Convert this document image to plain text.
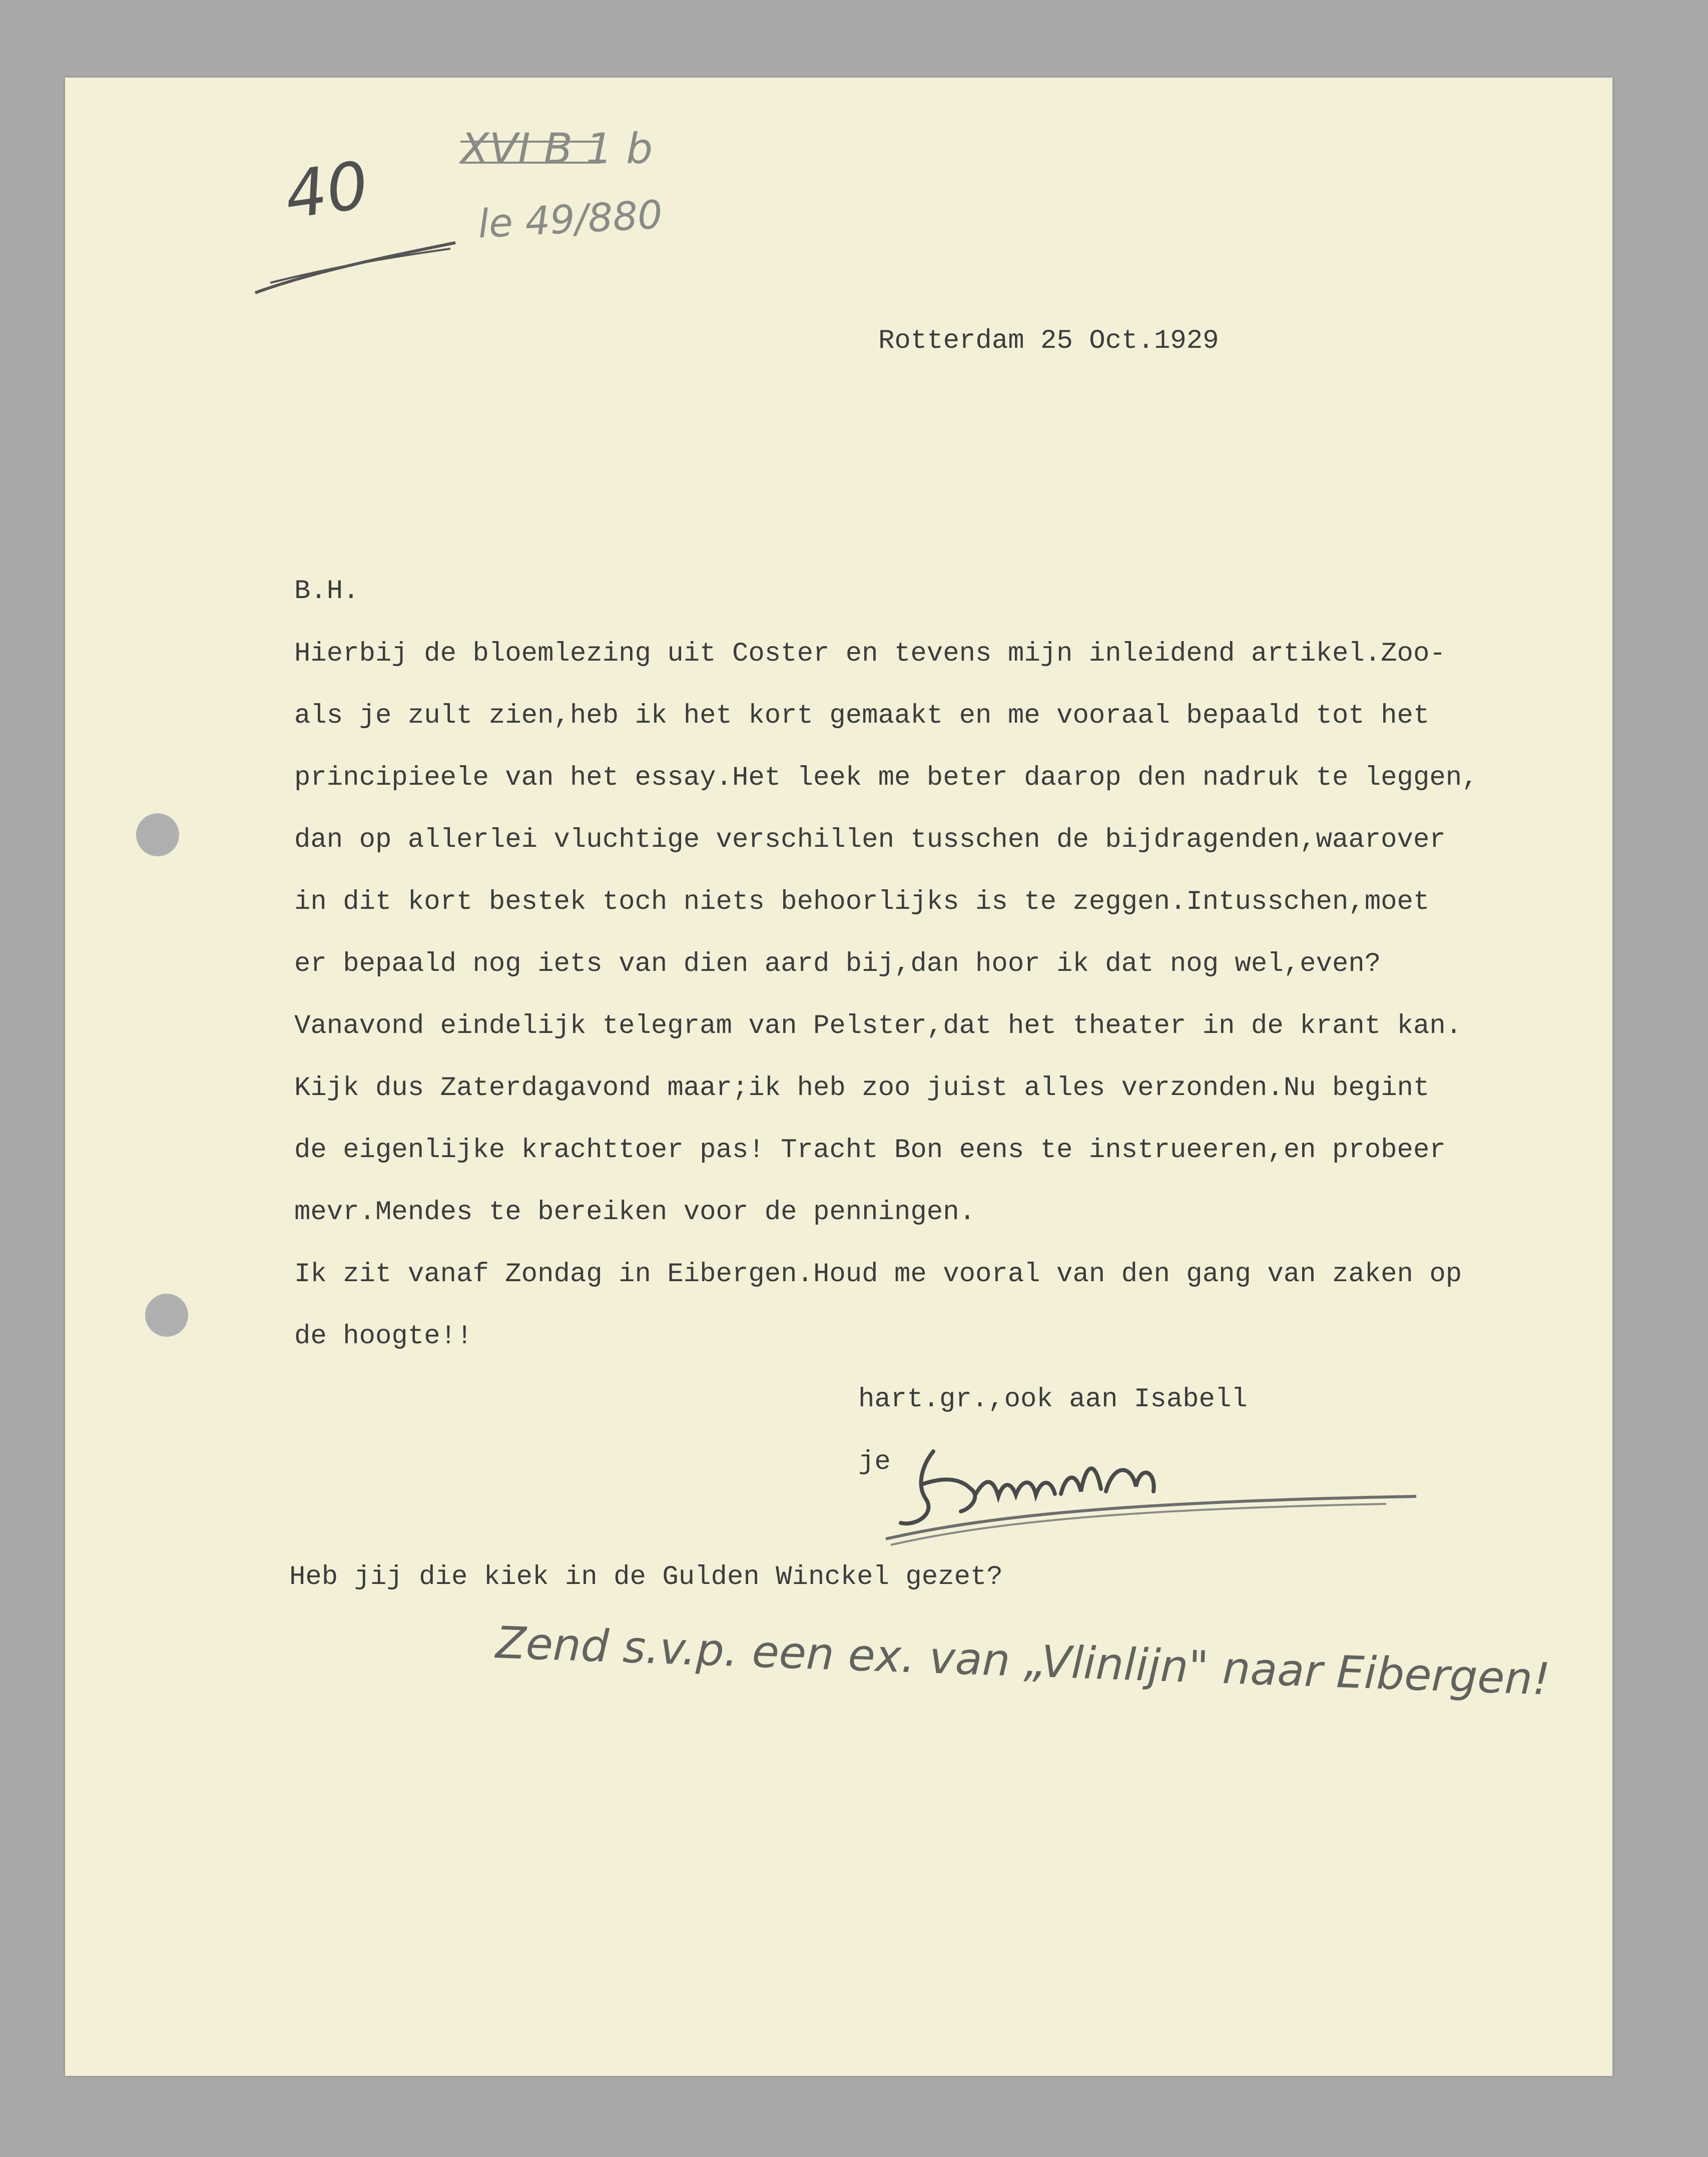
40 XVI B 1 b
le 49/880
Rotterdam 25 Oct.1929
B.H.
Hierbij de bloemlezing uit Coster en tevens mijn inleidend artikel.Zoo-
als je zult zien,heb ik het kort gemaakt en me vooraal bepaald tot het
principieele van het essay.Het leek me beter daarop den nadruk te leggen,
dan op allerlei vluchtige verschillen tusschen de bijdragenden,waarover
in dit kort bestek toch niets behoorlijks is te zeggen.Intusschen,moet
er bepaald nog iets van dien aard bij,dan hoor ik dat nog wel,even?
Vanavond eindelijk telegram van Pelster,dat het theater in de krant kan.
Kijk dus Zaterdagavond maar;ik heb zoo juist alles verzonden.Nu begint
de eigenlijke krachttoer pas! Tracht Bon eens te instrueeren,en probeer
mevr.Mendes te bereiken voor de penningen.
Ik zit vanaf Zondag in Eibergen.Houd me vooral van den gang van zaken op
de hoogte!!
hart.gr.,ook aan Isabell
je
Heb jij die kiek in de Gulden Winckel gezet?
Zend s.v.p. een ex. van „Vlinlijn" naar Eibergen!
